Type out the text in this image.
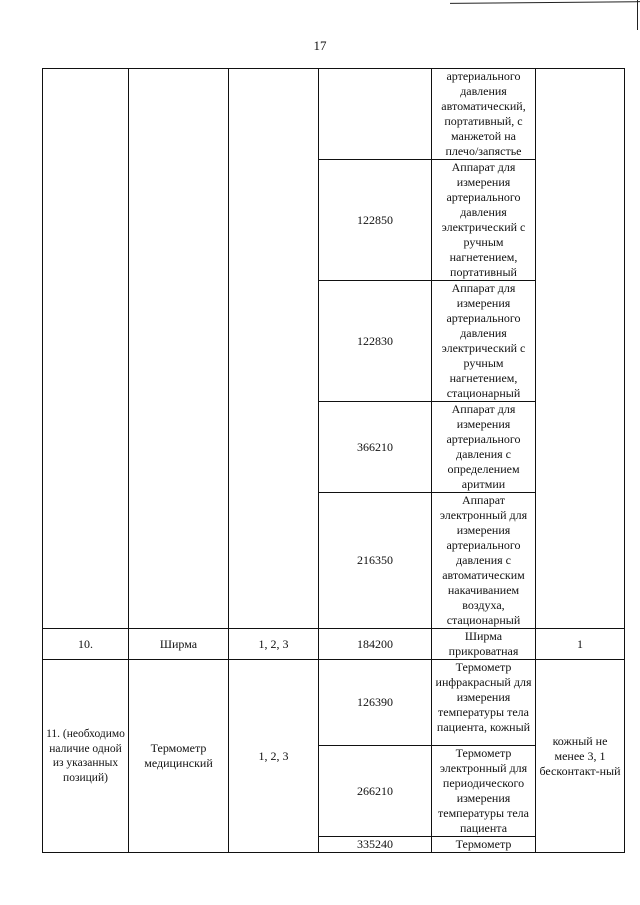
17
				артериального давления автоматический, портативный, с манжетой на плечо/запястье	
			122850	Аппарат для измерения артериального давления электрический с ручным нагнетением, портативный	
			122830	Аппарат для измерения артериального давления электрический с ручным нагнетением, стационарный	
			366210	Аппарат для измерения артериального давления с определением аритмии	
			216350	Аппарат электронный для измерения артериального давления с автоматическим накачиванием воздуха, стационарный	
10.	Ширма	1, 2, 3	184200	Ширма прикроватная	1
11. (необходимо наличие одной из указанных позиций)	Термометр медицинский	1, 2, 3	126390	Термометр инфракрасный для измерения температуры тела пациента, кожный	кожный не менее 3, 1 бесконтакт-ный
			266210	Термометр электронный для периодического измерения температуры тела пациента	
			335240	Термометр	
